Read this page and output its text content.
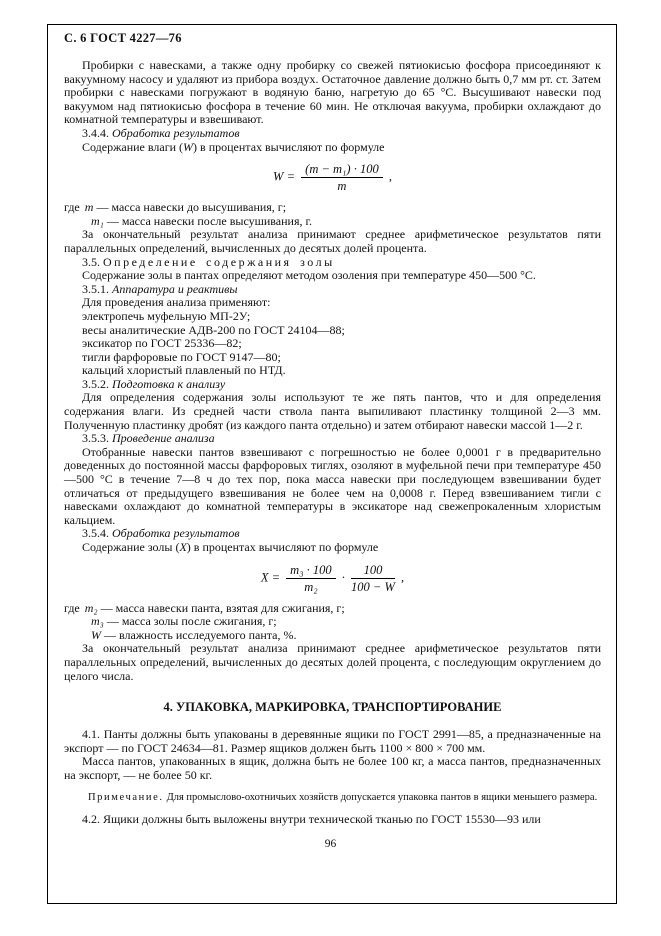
С. 6 ГОСТ 4227—76

Пробирки с навесками, а также одну пробирку со свежей пятиокисью фосфора присоединяют к вакуумному насосу и удаляют из прибора воздух. Остаточное давление должно быть 0,7 мм рт. ст. Затем пробирки с навесками погружают в водяную баню, нагретую до 65 °С. Высушивают навески под вакуумом над пятиокисью фосфора в течение 60 мин. Не отключая вакуума, пробирки охлаждают до комнатной температуры и взвешивают.

3.4.4. Обработка результатов

Содержание влаги (W) в процентах вычисляют по формуле

$W = \frac{\text{(m − m₁) · 100}}{m}$ ,
где m — масса навески до высушивания, г;
m₁ — масса навески после высушивания, г.

За окончательный результат анализа принимают среднее арифметическое результатов пяти параллельных определений, вычисленных до десятых долей процента.

3.5. Определение содержания золы

Содержание золы в пантах определяют методом озоления при температуре 450—500 °С.

3.5.1. Аппаратура и реактивы

Для проведения анализа применяют:

электропечь муфельную МП-2У;
весы аналитические АДВ-200 по ГОСТ 24104—88;
эксикатор по ГОСТ 25336—82;
тигли фарфоровые по ГОСТ 9147—80;
кальций хлористый плавленый по НТД.

3.5.2. Подготовка к анализу

Для определения содержания золы используют те же пять пантов, что и для определения содержания влаги. Из средней части ствола панта выпиливают пластинку толщиной 2—3 мм. Полученную пластинку дробят (из каждого панта отдельно) и затем отбирают навески массой 1—2 г.

3.5.3. Проведение анализа

Отобранные навески пантов взвешивают с погрешностью не более 0,0001 г в предварительно доведенных до постоянной массы фарфоровых тиглях, озоляют в муфельной печи при температуре 450—500 °С в течение 7—8 ч до тех пор, пока масса навески при последующем взвешивании будет отличаться от предыдущего взвешивания не более чем на 0,0008 г. Перед взвешиванием тигли с навесками охлаждают до комнатной температуры в эксикаторе над свежепрокаленным хлористым кальцием.

3.5.4. Обработка результатов

Содержание золы (X) в процентах вычисляют по формуле

$X = \frac{\text{m₃ · 100}}{\text{m₂}} \cdot \frac{100}{100 - W}$ ,
где m₂ — масса навески панта, взятая для сжигания, г;
m₃ — масса золы после сжигания, г;
W — влажность исследуемого панта, %.

За окончательный результат анализа принимают среднее арифметическое результатов пяти параллельных определений, вычисленных до десятых долей процента, с последующим округлением до целого числа.

4. УПАКОВКА, МАРКИРОВКА, ТРАНСПОРТИРОВАНИЕ

4.1. Панты должны быть упакованы в деревянные ящики по ГОСТ 2991—85, а предназначенные на экспорт — по ГОСТ 24634—81. Размер ящиков должен быть 1100 × 800 × 700 мм.

Масса пантов, упакованных в ящик, должна быть не более 100 кг, а масса пантов, предназначенных на экспорт, — не более 50 кг.

Примечание. Для промыслово-охотничьих хозяйств допускается упаковка пантов в ящики меньшего размера.

4.2. Ящики должны быть выложены внутри технической тканью по ГОСТ 15530—93 или

96
